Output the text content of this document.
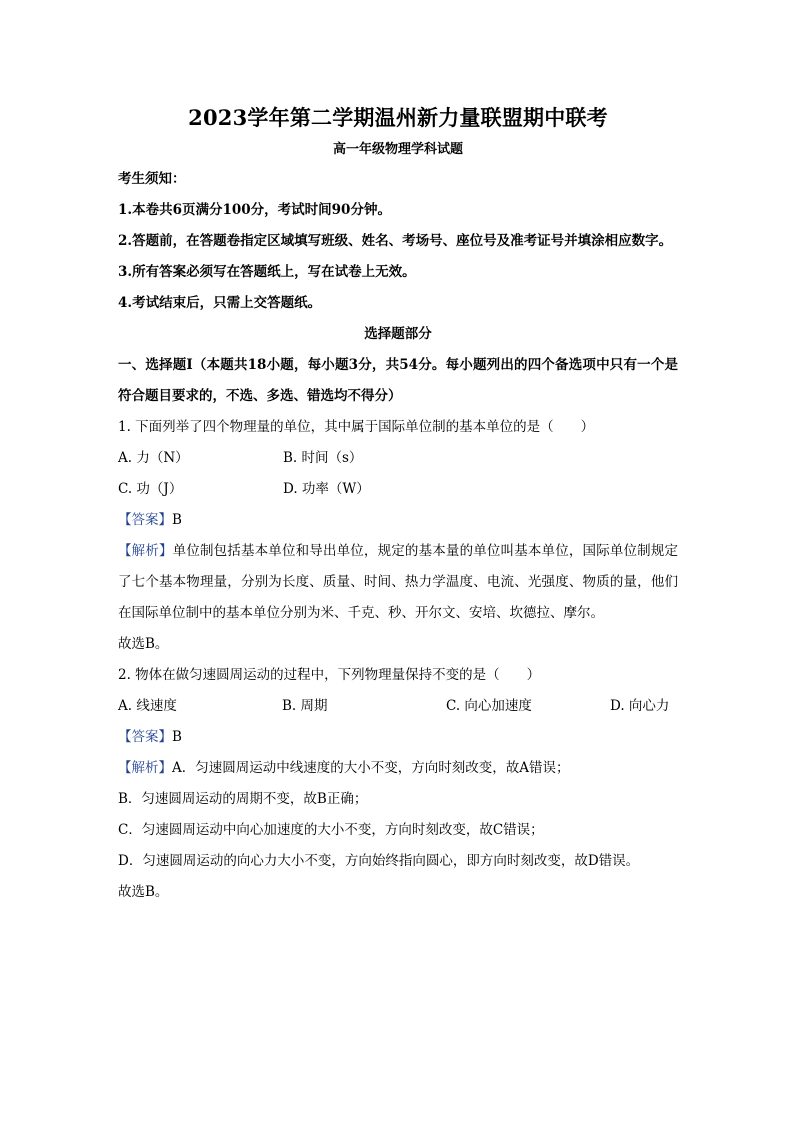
2023学年第二学期温州新力量联盟期中联考

高一年级物理学科试题

考生须知：

1.本卷共6页满分100分，考试时间90分钟。

2.答题前，在答题卷指定区域填写班级、姓名、考场号、座位号及准考证号并填涂相应数字。

3.所有答案必须写在答题纸上，写在试卷上无效。

4.考试结束后，只需上交答题纸。

选择题部分

一、选择题Ⅰ（本题共18小题，每小题3分，共54分。每小题列出的四个备选项中只有一个是符合题目要求的，不选、多选、错选均不得分）

1. 下面列举了四个物理量的单位，其中属于国际单位制的基本单位的是（　　）

A. 力（N）	B. 时间（s）
C. 功（J）	D. 功率（W）

【答案】B

【解析】单位制包括基本单位和导出单位，规定的基本量的单位叫基本单位，国际单位制规定了七个基本物理量，分别为长度、质量、时间、热力学温度、电流、光强度、物质的量，他们在国际单位制中的基本单位分别为米、千克、秒、开尔文、安培、坎德拉、摩尔。

故选B。

2. 物体在做匀速圆周运动的过程中，下列物理量保持不变的是（　　）

A. 线速度	B. 周期	C. 向心加速度	D. 向心力

【答案】B

【解析】A．匀速圆周运动中线速度的大小不变，方向时刻改变，故A错误；

B．匀速圆周运动的周期不变，故B正确；

C．匀速圆周运动中向心加速度的大小不变，方向时刻改变，故C错误；

D．匀速圆周运动的向心力大小不变，方向始终指向圆心，即方向时刻改变，故D错误。

故选B。
